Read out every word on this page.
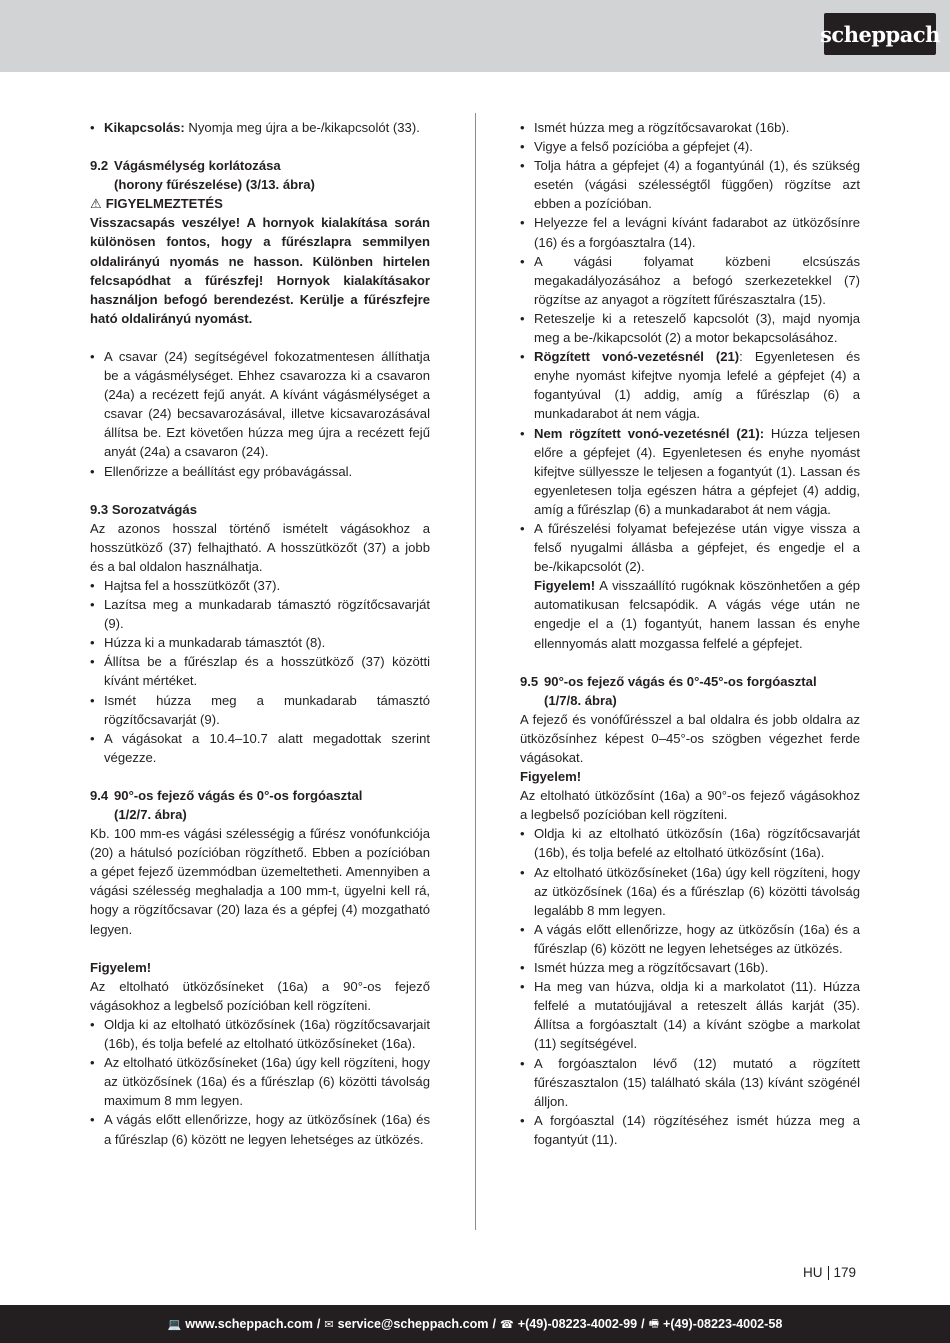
scheppach
• Kikapcsolás: Nyomja meg újra a be-/kikapcsolót (33).
9.2 Vágásmélység korlátozása
(horony fűrészelése) (3/13. ábra)
⚠ FIGYELMEZTETÉS
Visszacsapás veszélye! A hornyok kialakítása során különösen fontos, hogy a fűrészlapra semmilyen oldalirányú nyomás ne hasson. Különben hirtelen felcsapódhat a fűrészfej! Hornyok kialakításakor használjon befogó berendezést. Kerülje a fűrészfejre ható oldalirányú nyomást.
• A csavar (24) segítségével fokozatmentesen állíthatja be a vágásmélységet. Ehhez csavarozza ki a csavaron (24a) a recézett fejű anyát. A kívánt vágásmélységet a csavar (24) becsavarozásával, illetve kicsavarozásával állítsa be. Ezt követően húzza meg újra a recézett fejű anyát (24a) a csavaron (24).
• Ellenőrizze a beállítást egy próbavágással.
9.3 Sorozatvágás
Az azonos hosszal történő ismételt vágásokhoz a hosszütköző (37) felhajtható. A hosszütközőt (37) a jobb és a bal oldalon használhatja.
• Hajtsa fel a hosszütközőt (37).
• Lazítsa meg a munkadarab támasztó rögzítőcsavarját (9).
• Húzza ki a munkadarab támasztót (8).
• Állítsa be a fűrészlap és a hosszütköző (37) közötti kívánt mértéket.
• Ismét húzza meg a munkadarab támasztó rögzítőcsavarját (9).
• A vágásokat a 10.4–10.7 alatt megadottak szerint végezze.
9.4 90°-os fejező vágás és 0°-os forgóasztal
(1/2/7. ábra)
Kb. 100 mm-es vágási szélességig a fűrész vonófunkciója (20) a hátulsó pozícióban rögzíthető. Ebben a pozícióban a gépet fejező üzemmódban üzemeltetheti. Amennyiben a vágási szélesség meghaladja a 100 mm-t, ügyelni kell rá, hogy a rögzítőcsavar (20) laza és a gépfej (4) mozgatható legyen.
Figyelem!
Az eltolható ütközősíneket (16a) a 90°-os fejező vágásokhoz a legbelső pozícióban kell rögzíteni.
• Oldja ki az eltolható ütközősínek (16a) rögzítőcsavarjait (16b), és tolja befelé az eltolható ütközősíneket (16a).
• Az eltolható ütközősíneket (16a) úgy kell rögzíteni, hogy az ütközősínek (16a) és a fűrészlap (6) közötti távolság maximum 8 mm legyen.
• A vágás előtt ellenőrizze, hogy az ütközősínek (16a) és a fűrészlap (6) között ne legyen lehetséges az ütközés.
• Ismét húzza meg a rögzítőcsavarokat (16b).
• Vigye a felső pozícióba a gépfejet (4).
• Tolja hátra a gépfejet (4) a fogantyúnál (1), és szükség esetén (vágási szélességtől függően) rögzítse azt ebben a pozícióban.
• Helyezze fel a levágni kívánt fadarabot az ütközősínre (16) és a forgóasztalra (14).
• A vágási folyamat közbeni elcsúszás megakadályozásához a befogó szerkezetekkel (7) rögzítse az anyagot a rögzített fűrészasztalra (15).
• Reteszelje ki a reteszelő kapcsolót (3), majd nyomja meg a be-/kikapcsolót (2) a motor bekapcsolásához.
• Rögzített vonó-vezetésnél (21): Egyenletesen és enyhe nyomást kifejtve nyomja lefelé a gépfejet (4) a fogantyúval (1) addig, amíg a fűrészlap (6) a munkadarabot át nem vágja.
• Nem rögzített vonó-vezetésnél (21): Húzza teljesen előre a gépfejet (4). Egyenletesen és enyhe nyomást kifejtve süllyessze le teljesen a fogantyút (1). Lassan és egyenletesen tolja egészen hátra a gépfejet (4) addig, amíg a fűrészlap (6) a munkadarabot át nem vágja.
• A fűrészelési folyamat befejezése után vigye vissza a felső nyugalmi állásba a gépfejet, és engedje el a be-/kikapcsolót (2).
Figyelem! A visszaállító rugóknak köszönhetően a gép automatikusan felcsapódik. A vágás vége után ne engedje el a (1) fogantyút, hanem lassan és enyhe ellennyomás alatt mozgassa felfelé a gépfejet.
9.5 90°-os fejező vágás és 0°-45°-os forgóasztal
(1/7/8. ábra)
A fejező és vonófűrésszel a bal oldalra és jobb oldalra az ütközősínhez képest 0–45°-os szögben végezhet ferde vágásokat.
Figyelem!
Az eltolható ütközősínt (16a) a 90°-os fejező vágásokhoz a legbelső pozícióban kell rögzíteni.
• Oldja ki az eltolható ütközősín (16a) rögzítőcsavarját (16b), és tolja befelé az eltolható ütközősínt (16a).
• Az eltolható ütközősíneket (16a) úgy kell rögzíteni, hogy az ütközősínek (16a) és a fűrészlap (6) közötti távolság legalább 8 mm legyen.
• A vágás előtt ellenőrizze, hogy az ütközősín (16a) és a fűrészlap (6) között ne legyen lehetséges az ütközés.
• Ismét húzza meg a rögzítőcsavart (16b).
• Ha meg van húzva, oldja ki a markolatot (11). Húzza felfelé a mutatóujjával a reteszelt állás karját (35). Állítsa a forgóasztalt (14) a kívánt szögbe a markolat (11) segítségével.
• A forgóasztalon lévő (12) mutató a rögzített fűrészasztalon (15) található skála (13) kívánt szögénél álljon.
• A forgóasztal (14) rögzítéséhez ismét húzza meg a fogantyút (11).
HU 179
💻 www.scheppach.com / ✉ service@scheppach.com / ☎ +(49)-08223-4002-99 / 🖷 +(49)-08223-4002-58
